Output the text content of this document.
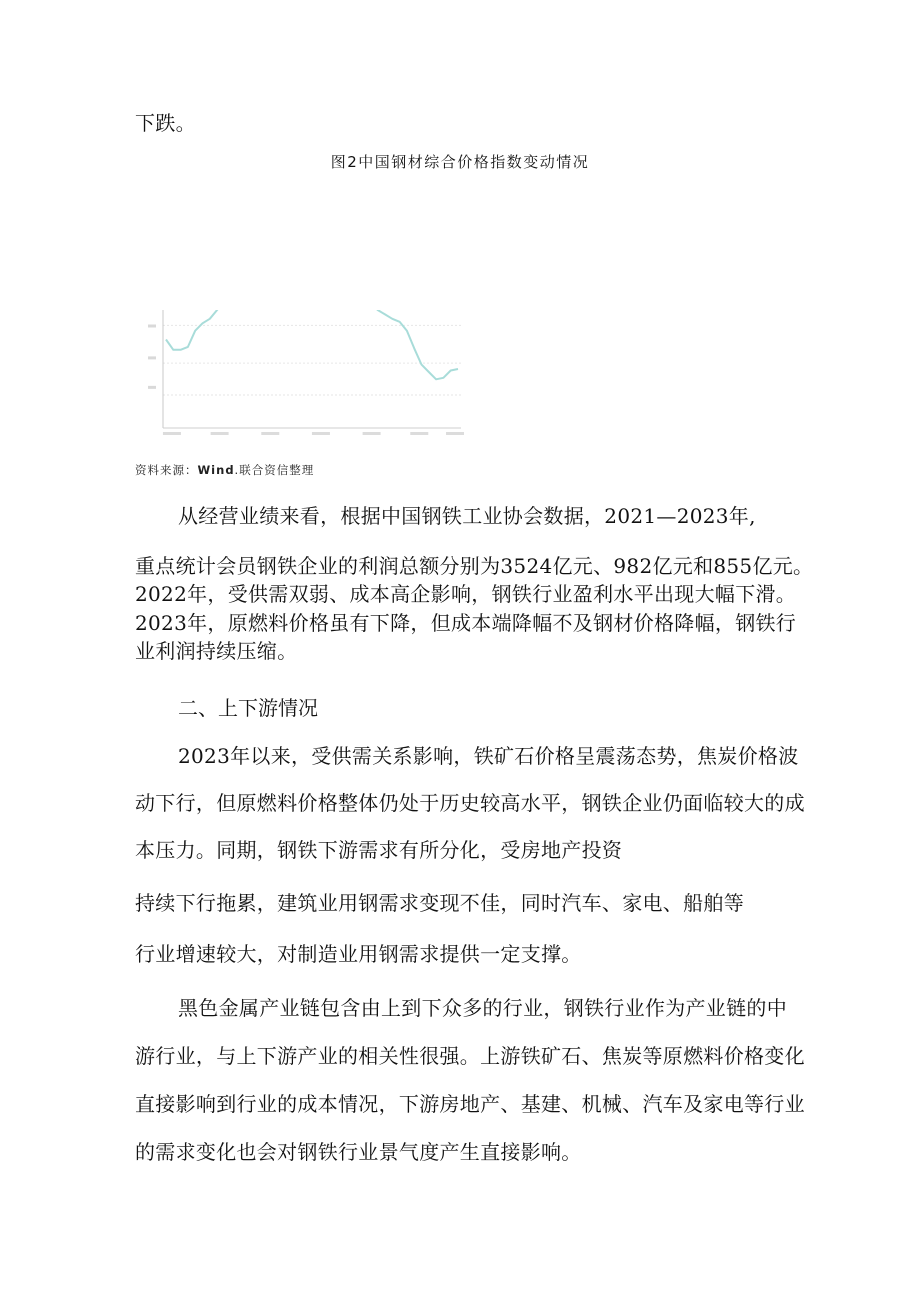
下跌。
图2中国钢材综合价格指数变动情况
资料来源：Wind.联合资信整理
从经营业绩来看，根据中国钢铁工业协会数据，2021—2023年,
重点统计会员钢铁企业的利润总额分别为3524亿元、982亿元和855亿元。
2022年，受供需双弱、成本高企影响，钢铁行业盈利水平出现大幅下滑。
2023年，原燃料价格虽有下降，但成本端降幅不及钢材价格降幅，钢铁行
业利润持续压缩。
二、上下游情况
2023年以来，受供需关系影响，铁矿石价格呈震荡态势，焦炭价格波
动下行，但原燃料价格整体仍处于历史较高水平，钢铁企业仍面临较大的成
本压力。同期，钢铁下游需求有所分化，受房地产投资
持续下行拖累，建筑业用钢需求变现不佳，同时汽车、家电、船舶等
行业增速较大，对制造业用钢需求提供一定支撑。
黑色金属产业链包含由上到下众多的行业，钢铁行业作为产业链的中
游行业，与上下游产业的相关性很强。上游铁矿石、焦炭等原燃料价格变化
直接影响到行业的成本情况，下游房地产、基建、机械、汽车及家电等行业
的需求变化也会对钢铁行业景气度产生直接影响。
